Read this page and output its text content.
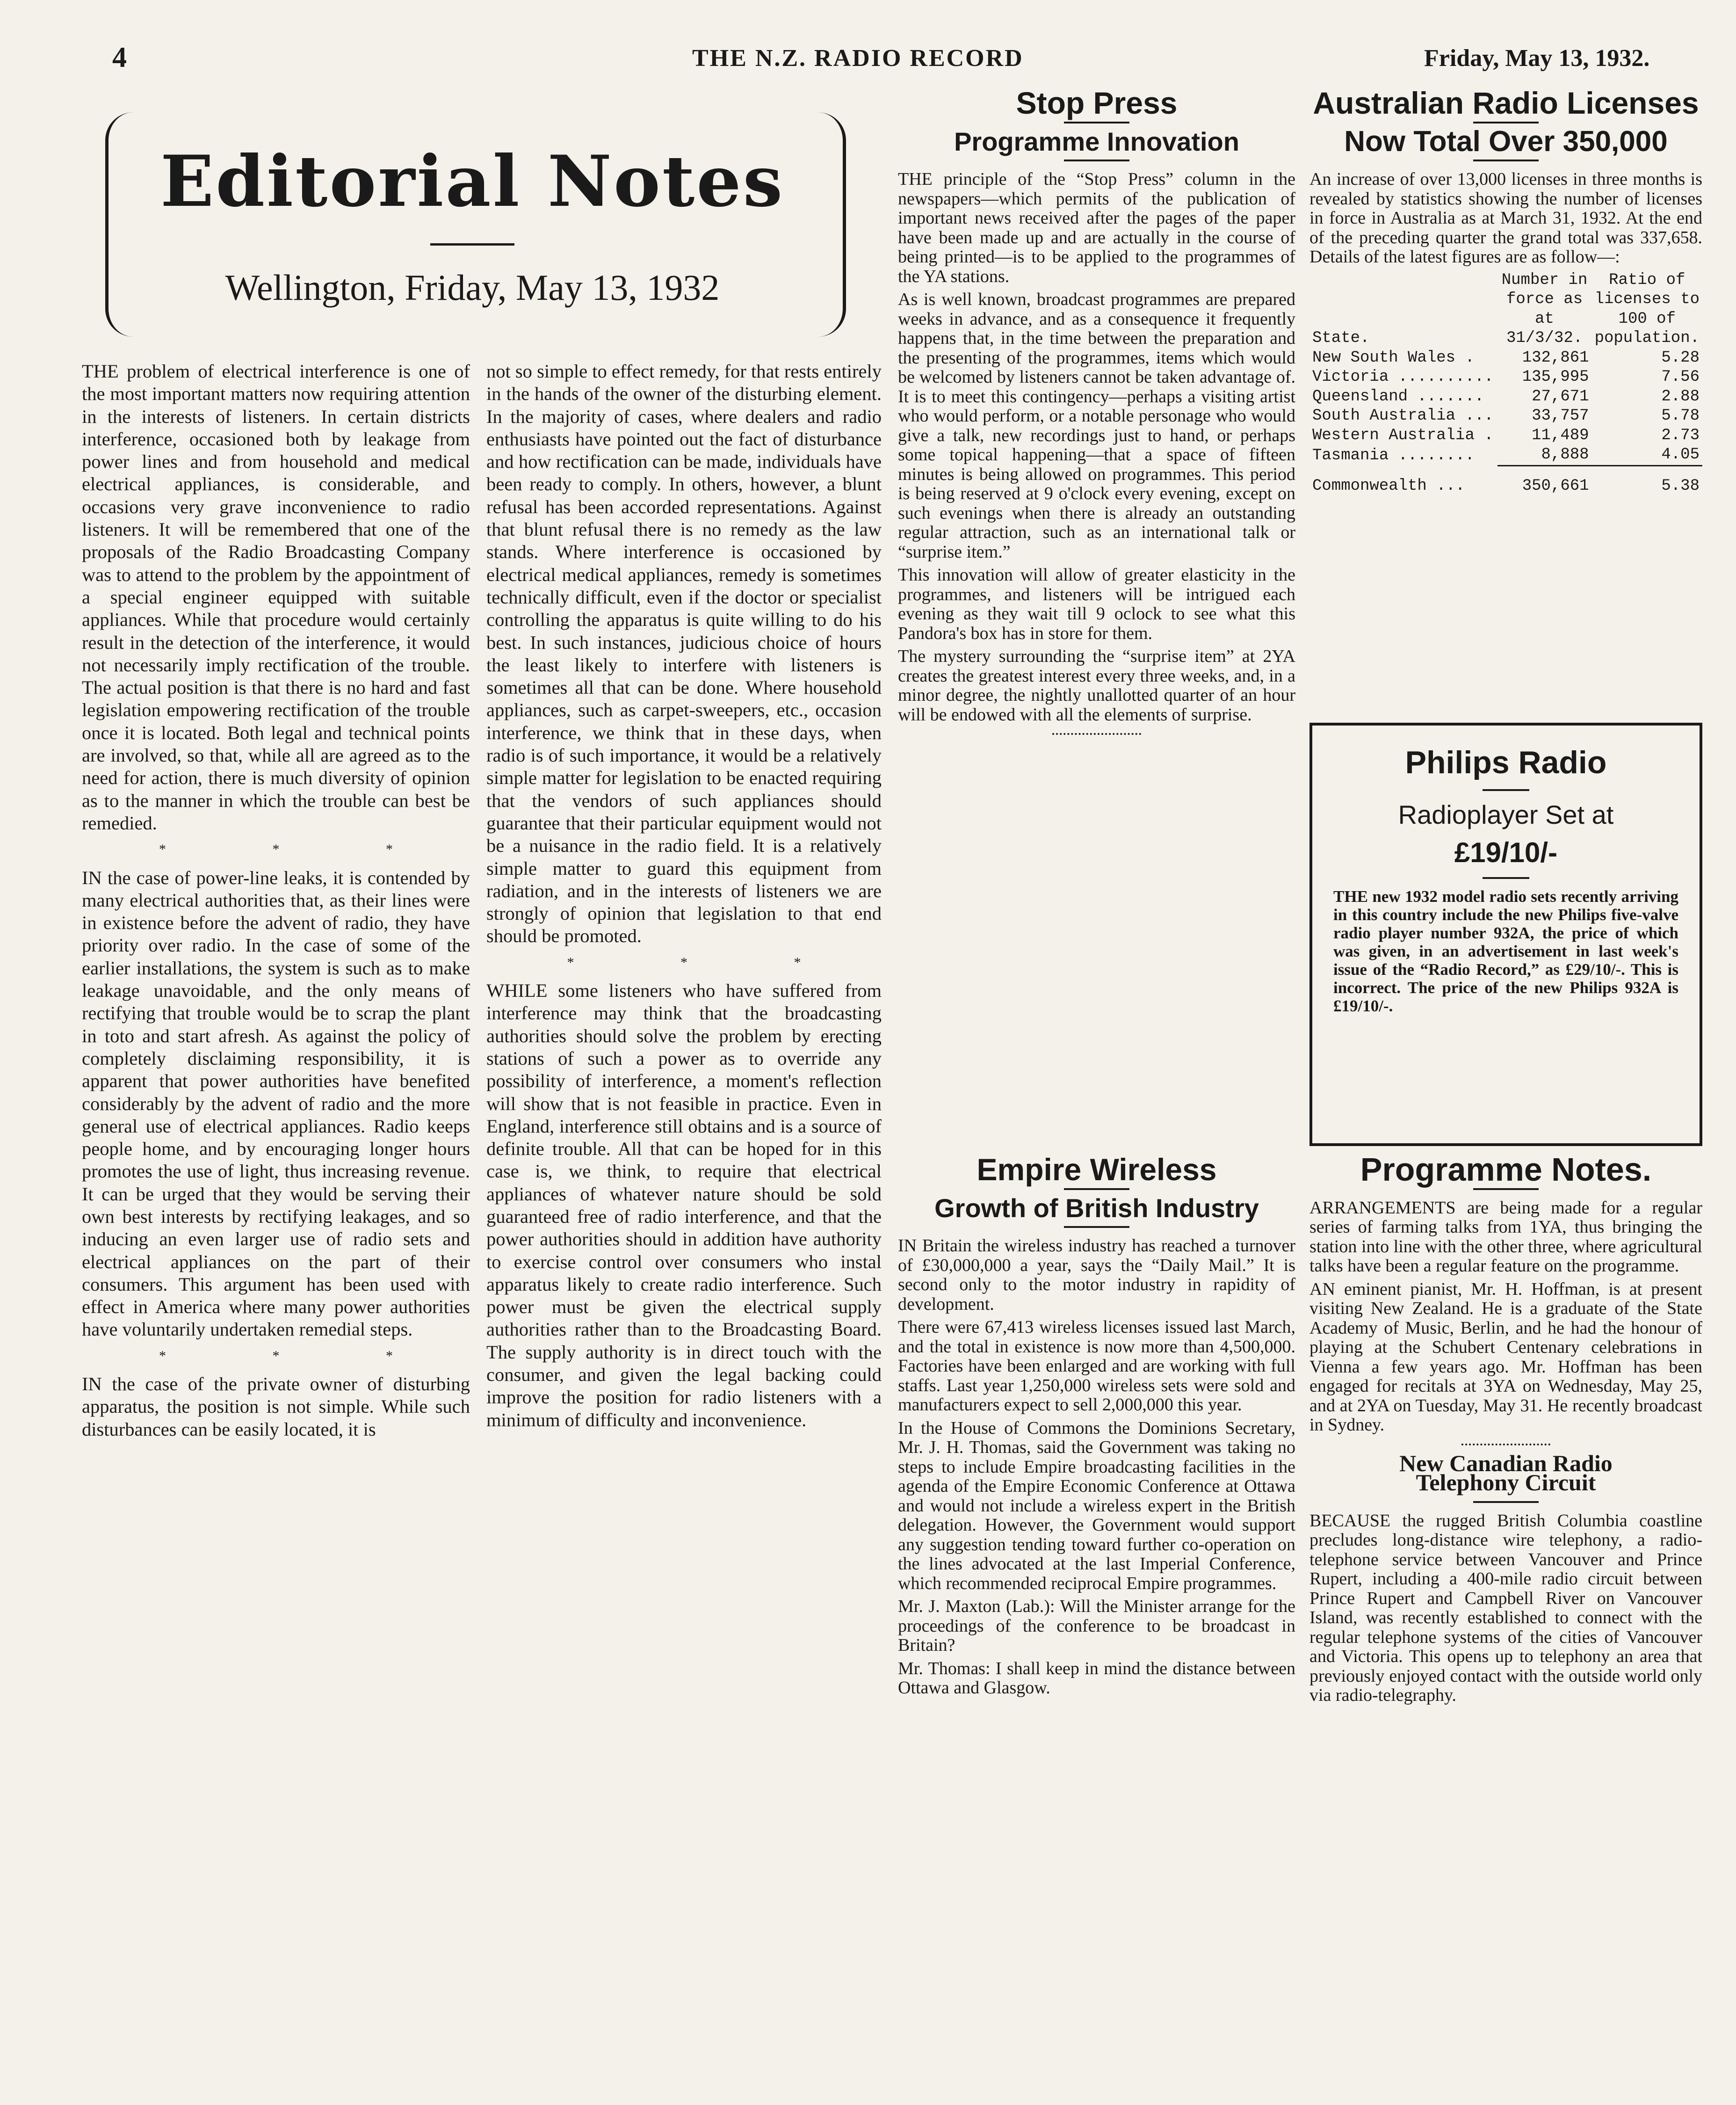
4	THE N.Z. RADIO RECORD	Friday, May 13, 1932.
Editorial Notes
Wellington, Friday, May 13, 1932

THE problem of electrical interference is one of the most important matters now requiring attention in the interests of listeners. In certain districts interference, occasioned both by leakage from power lines and from household and medical electrical appliances, is considerable, and occasions very grave inconvenience to radio listeners. It will be remembered that one of the proposals of the Radio Broadcasting Company was to attend to the problem by the appointment of a special engineer equipped with suitable appliances. While that procedure would certainly result in the detection of the interference, it would not necessarily imply rectification of the trouble. The actual position is that there is no hard and fast legislation empowering rectification of the trouble once it is located. Both legal and technical points are involved, so that, while all are agreed as to the need for action, there is much diversity of opinion as to the manner in which the trouble can best be remedied.

* * *

IN the case of power-line leaks, it is contended by many electrical authorities that, as their lines were in existence before the advent of radio, they have priority over radio. In the case of some of the earlier installations, the system is such as to make leakage unavoidable, and the only means of rectifying that trouble would be to scrap the plant in toto and start afresh. As against the policy of completely disclaiming responsibility, it is apparent that power authorities have benefited considerably by the advent of radio and the more general use of electrical appliances. Radio keeps people home, and by encouraging longer hours promotes the use of light, thus increasing revenue. It can be urged that they would be serving their own best interests by rectifying leakages, and so inducing an even larger use of radio sets and electrical appliances on the part of their consumers. This argument has been used with effect in America where many power authorities have voluntarily undertaken remedial steps.

* * *

IN the case of the private owner of disturbing apparatus, the position is not simple. While such disturbances can be easily located, it is

not so simple to effect remedy, for that rests entirely in the hands of the owner of the disturbing element. In the majority of cases, where dealers and radio enthusiasts have pointed out the fact of disturbance and how rectification can be made, individuals have been ready to comply. In others, however, a blunt refusal has been accorded representations. Against that blunt refusal there is no remedy as the law stands. Where interference is occasioned by electrical medical appliances, remedy is sometimes technically difficult, even if the doctor or specialist controlling the apparatus is quite willing to do his best. In such instances, judicious choice of hours the least likely to interfere with listeners is sometimes all that can be done. Where household appliances, such as carpet-sweepers, etc., occasion interference, we think that in these days, when radio is of such importance, it would be a relatively simple matter for legislation to be enacted requiring that the vendors of such appliances should guarantee that their particular equipment would not be a nuisance in the radio field. It is a relatively simple matter to guard this equipment from radiation, and in the interests of listeners we are strongly of opinion that legislation to that end should be promoted.

* * *

WHILE some listeners who have suffered from interference may think that the broadcasting authorities should solve the problem by erecting stations of such a power as to override any possibility of interference, a moment's reflection will show that is not feasible in practice. Even in England, interference still obtains and is a source of definite trouble. All that can be hoped for in this case is, we think, to require that electrical appliances of whatever nature should be sold guaranteed free of radio interference, and that the power authorities should in addition have authority to exercise control over consumers who instal apparatus likely to create radio interference. Such power must be given the electrical supply authorities rather than to the Broadcasting Board. The supply authority is in direct touch with the consumer, and given the legal backing could improve the position for radio listeners with a minimum of difficulty and inconvenience.

Stop Press
Programme Innovation

THE principle of the “Stop Press” column in the newspapers—which permits of the publication of important news received after the pages of the paper have been made up and are actually in the course of being printed—is to be applied to the programmes of the YA stations.

As is well known, broadcast programmes are prepared weeks in advance, and as a consequence it frequently happens that, in the time between the preparation and the presenting of the programmes, items which would be welcomed by listeners cannot be taken advantage of. It is to meet this contingency—perhaps a visiting artist who would perform, or a notable personage who would give a talk, new recordings just to hand, or perhaps some topical happening—that a space of fifteen minutes is being allowed on programmes. This period is being reserved at 9 o'clock every evening, except on such evenings when there is already an outstanding regular attraction, such as an international talk or “surprise item.”

This innovation will allow of greater elasticity in the programmes, and listeners will be intrigued each evening as they wait till 9 oclock to see what this Pandora's box has in store for them.

The mystery surrounding the “surprise item” at 2YA creates the greatest interest every three weeks, and, in a minor degree, the nightly unallotted quarter of an hour will be endowed with all the elements of surprise.

Empire Wireless
Growth of British Industry

IN Britain the wireless industry has reached a turnover of £30,000,000 a year, says the “Daily Mail.” It is second only to the motor industry in rapidity of development.

There were 67,413 wireless licenses issued last March, and the total in existence is now more than 4,500,000. Factories have been enlarged and are working with full staffs. Last year 1,250,000 wireless sets were sold and manufacturers expect to sell 2,000,000 this year.

In the House of Commons the Dominions Secretary, Mr. J. H. Thomas, said the Government was taking no steps to include Empire broadcasting facilities in the agenda of the Empire Economic Conference at Ottawa and would not include a wireless expert in the British delegation. However, the Government would support any suggestion tending toward further co-operation on the lines advocated at the last Imperial Conference, which recommended reciprocal Empire programmes.

Mr. J. Maxton (Lab.): Will the Minister arrange for the proceedings of the conference to be broadcast in Britain?

Mr. Thomas: I shall keep in mind the distance between Ottawa and Glasgow.

Australian Radio Licenses
Now Total Over 350,000

An increase of over 13,000 licenses in three months is revealed by statistics showing the number of licenses in force in Australia as at March 31, 1932. At the end of the preceding quarter the grand total was 337,658. Details of the latest figures are as follow—:

State.	Number in force as at 31/3/32.	Ratio of licenses to 100 of population.
New South Wales .	132,861	5.28
Victoria ..........	135,995	7.56
Queensland .......	27,671	2.88
South Australia ...	33,757	5.78
Western Australia .	11,489	2.73
Tasmania ........	8,888	4.05
Commonwealth ...	350,661	5.38
Philips Radio
Radioplayer Set at
£19/10/-

THE new 1932 model radio sets recently arriving in this country include the new Philips five-valve radio player number 932A, the price of which was given, in an advertisement in last week's issue of the “Radio Record,” as £29/10/-. This is incorrect. The price of the new Philips 932A is £19/10/-.

Programme Notes.

ARRANGEMENTS are being made for a regular series of farming talks from 1YA, thus bringing the station into line with the other three, where agricultural talks have been a regular feature on the programme.

AN eminent pianist, Mr. H. Hoffman, is at present visiting New Zealand. He is a graduate of the State Academy of Music, Berlin, and he had the honour of playing at the Schubert Centenary celebrations in Vienna a few years ago. Mr. Hoffman has been engaged for recitals at 3YA on Wednesday, May 25, and at 2YA on Tuesday, May 31. He recently broadcast in Sydney.

New Canadian Radio Telephony Circuit

BECAUSE the rugged British Columbia coastline precludes long-distance wire telephony, a radio-telephone service between Vancouver and Prince Rupert, including a 400-mile radio circuit between Prince Rupert and Campbell River on Vancouver Island, was recently established to connect with the regular telephone systems of the cities of Vancouver and Victoria. This opens up to telephony an area that previously enjoyed contact with the outside world only via radio-telegraphy.
